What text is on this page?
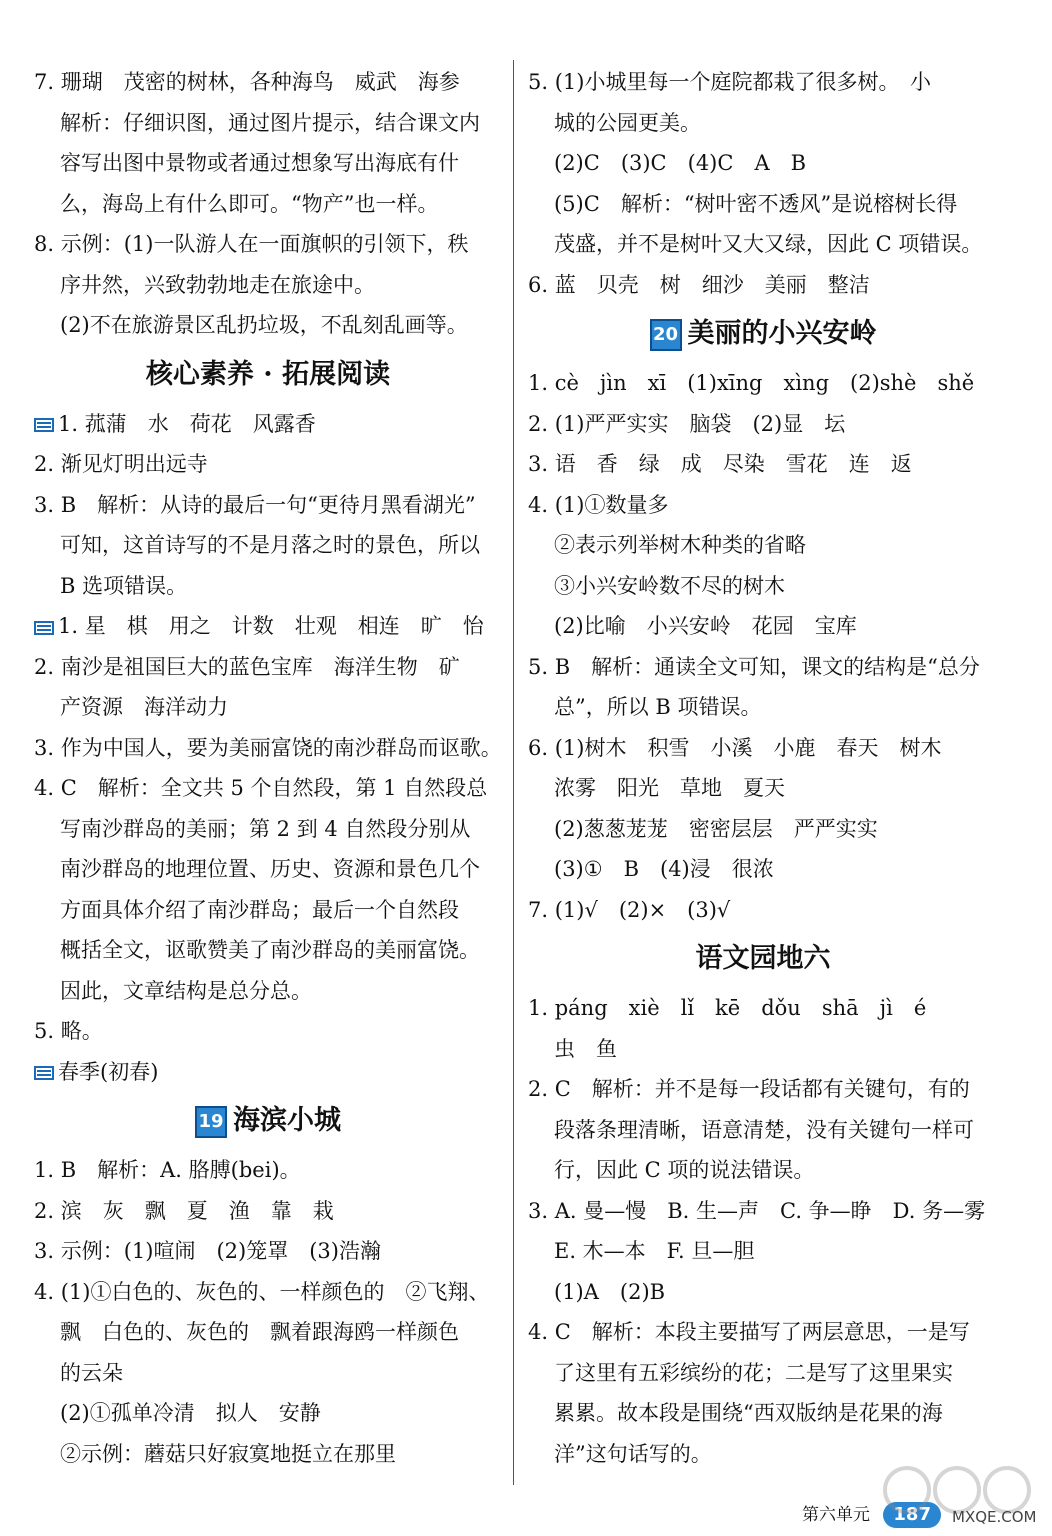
7. 珊瑚　茂密的树林，各种海鸟　威武　海参
解析：仔细识图，通过图片提示，结合课文内
容写出图中景物或者通过想象写出海底有什
么，海岛上有什么即可。“物产”也一样。
8. 示例：(1)一队游人在一面旗帜的引领下，秩
序井然，兴致勃勃地走在旅途中。
(2)不在旅游景区乱扔垃圾，不乱刻乱画等。
核心素养 · 拓展阅读
1. 菰蒲　水　荷花　风露香
2. 渐见灯明出远寺
3. B　解析：从诗的最后一句“更待月黑看湖光”
可知，这首诗写的不是月落之时的景色，所以
B 选项错误。
1. 星　棋　用之　计数　壮观　相连　旷　怡
2. 南沙是祖国巨大的蓝色宝库　海洋生物　矿
产资源　海洋动力
3. 作为中国人，要为美丽富饶的南沙群岛而讴歌。
4. C　解析：全文共 5 个自然段，第 1 自然段总
写南沙群岛的美丽；第 2 到 4 自然段分别从
南沙群岛的地理位置、历史、资源和景色几个
方面具体介绍了南沙群岛；最后一个自然段
概括全文，讴歌赞美了南沙群岛的美丽富饶。
因此，文章结构是总分总。
5. 略。
春季(初春)
19 海滨小城
1. B　解析：A. 胳膊(bei)。
2. 滨　灰　飘　夏　渔　靠　栽
3. 示例：(1)喧闹　(2)笼罩　(3)浩瀚
4. (1)①白色的、灰色的、一样颜色的　②飞翔、
飘　白色的、灰色的　飘着跟海鸥一样颜色
的云朵
(2)①孤单冷清　拟人　安静
②示例：蘑菇只好寂寞地挺立在那里
5. (1)小城里每一个庭院都栽了很多树。　小
城的公园更美。
(2)C　(3)C　(4)C　A　B
(5)C　解析：“树叶密不透风”是说榕树长得
茂盛，并不是树叶又大又绿，因此 C 项错误。
6. 蓝　贝壳　树　细沙　美丽　整洁
20 美丽的小兴安岭
1. cè　jìn　xī　(1)xīng　xìng　(2)shè　shě
2. (1)严严实实　脑袋　(2)显　坛
3. 语　香　绿　成　尽染　雪花　连　返
4. (1)①数量多
②表示列举树木种类的省略
③小兴安岭数不尽的树木
(2)比喻　小兴安岭　花园　宝库
5. B　解析：通读全文可知，课文的结构是“总分
总”，所以 B 项错误。
6. (1)树木　积雪　小溪　小鹿　春天　树木
浓雾　阳光　草地　夏天
(2)葱葱茏茏　密密层层　严严实实
(3)①　B　(4)浸　很浓
7. (1)√　(2)×　(3)√
语文园地六
1. páng　xiè　lǐ　kē　dǒu　shā　jì　é
虫　鱼
2. C　解析：并不是每一段话都有关键句，有的
段落条理清晰，语意清楚，没有关键句一样可
行，因此 C 项的说法错误。
3. A. 曼—慢　B. 生—声　C. 争—睁　D. 务—雾
E. 木—本　F. 旦—胆
(1)A　(2)B
4. C　解析：本段主要描写了两层意思，一是写
了这里有五彩缤纷的花；二是写了这里果实
累累。故本段是围绕“西双版纳是花果的海
洋”这句话写的。
第六单元 187	MXQE.COM
